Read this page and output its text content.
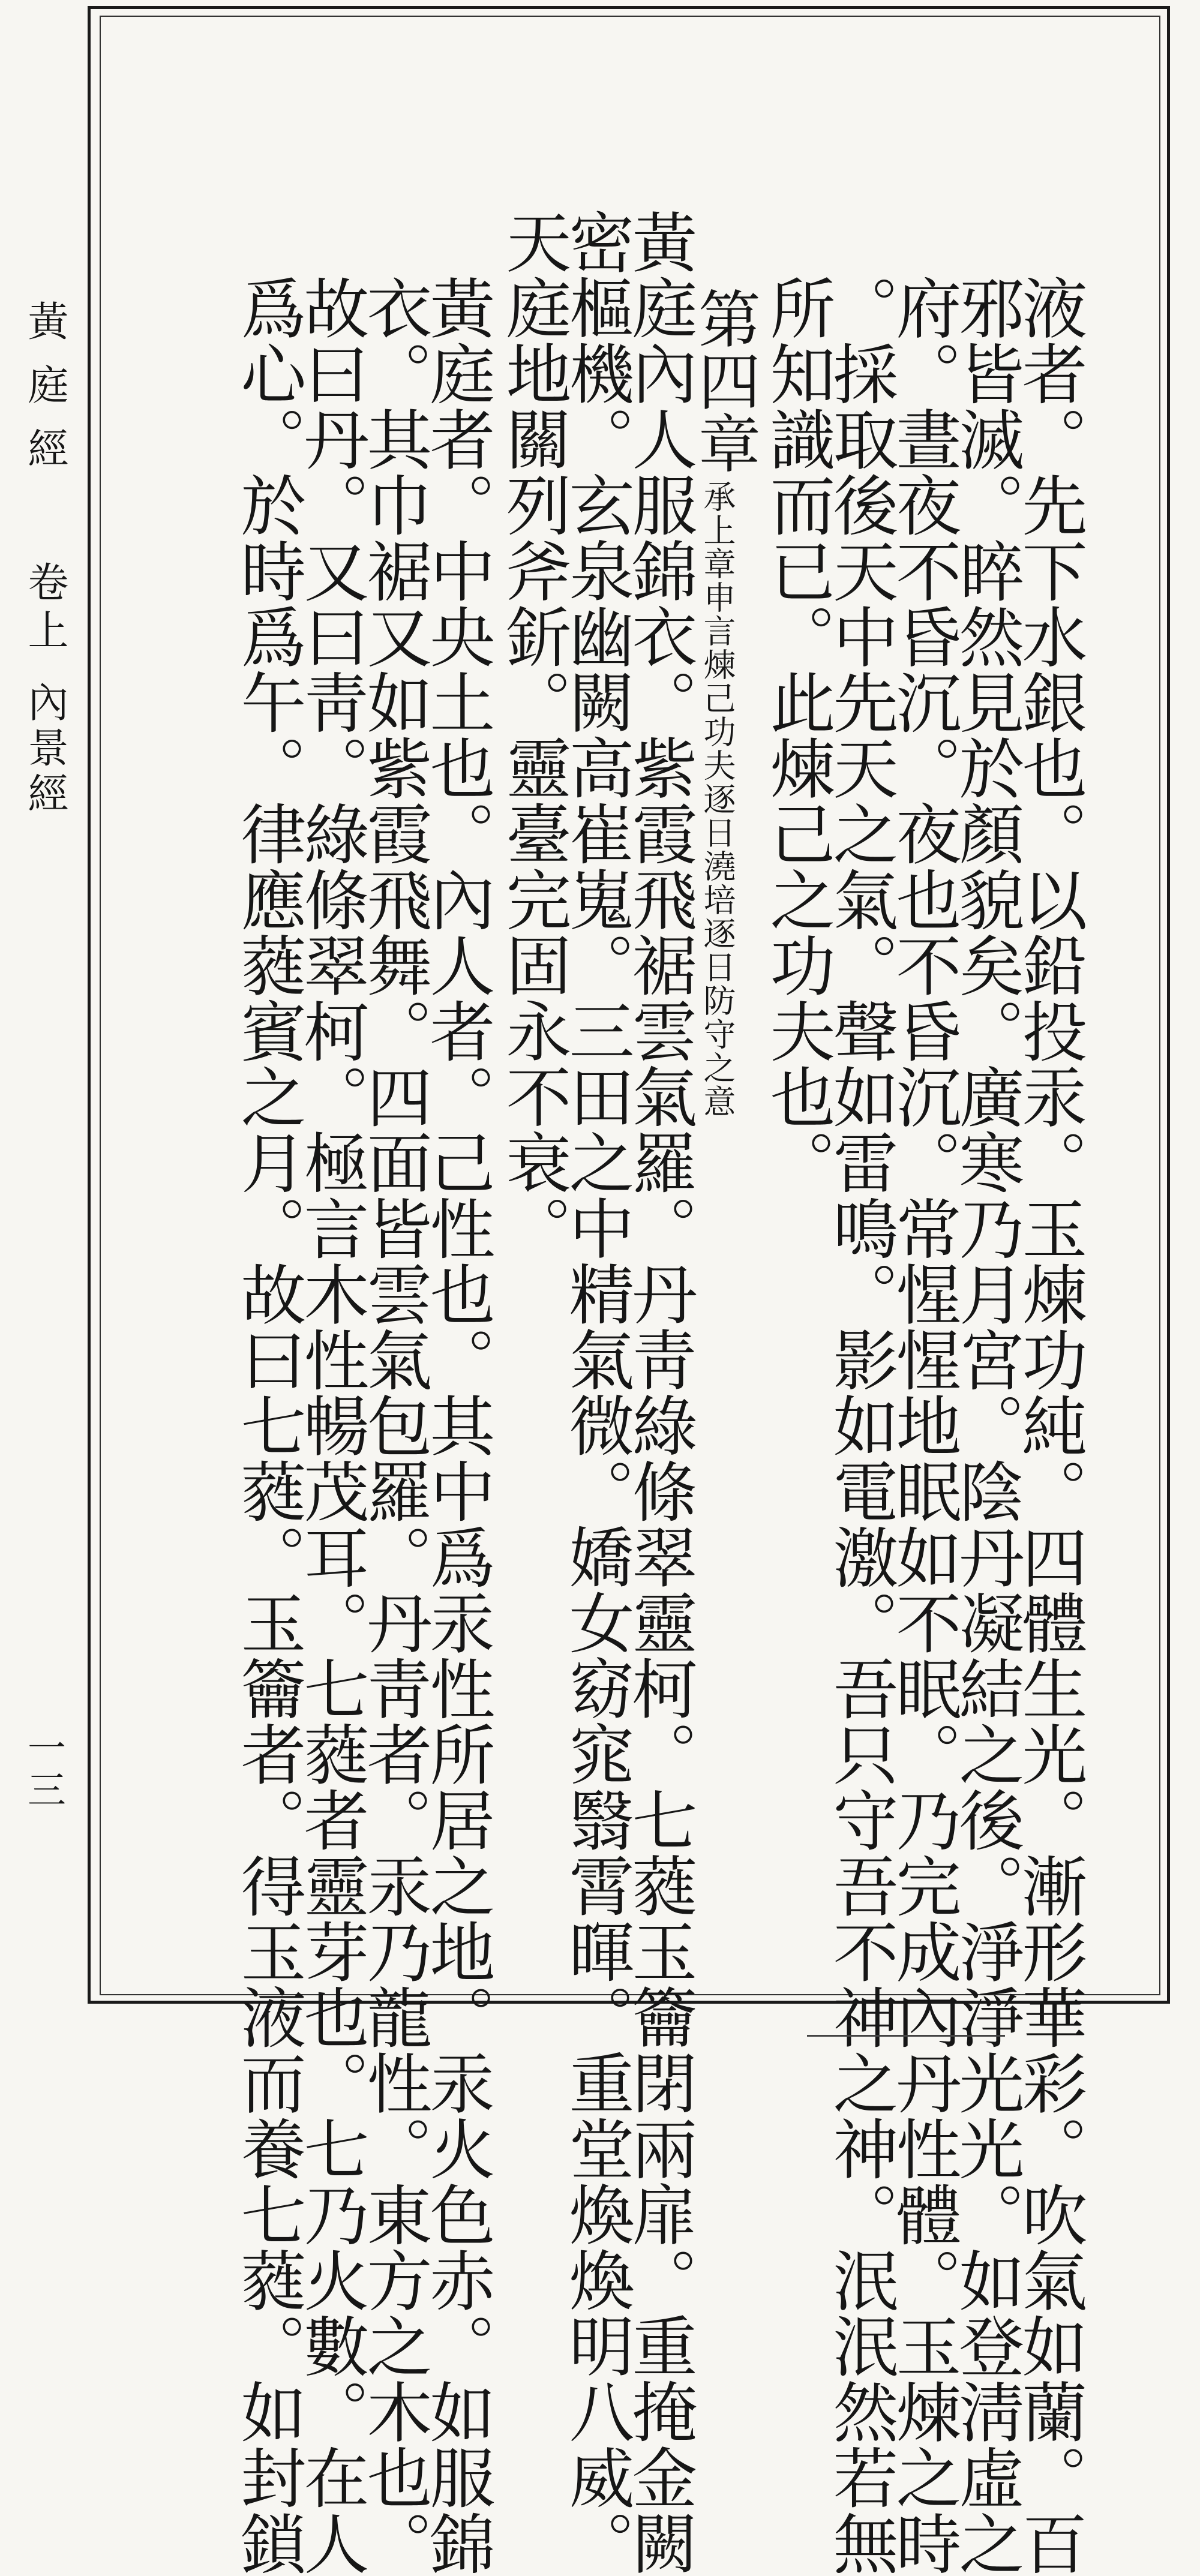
黃庭經
卷上
內景經
一三	液者。先下水銀也。以鉛投汞。玉煉功純。四體生光。漸形華彩。吹氣如蘭。百

邪皆滅。睟然見於顏貌矣。廣寒乃月宮。陰丹凝結之後。淨淨光光。如登淸虛之

府。晝夜不昏沉。夜也不昏沉。常惺惺地眠如不眠。乃完成內丹性體。玉煉之時

。採取後天中先天之氣。聲如雷鳴。影如電激。吾只守吾不神之神。泯泯然若無

所知識而已。此煉己之功夫也。

第四章

承上章申言煉己功夫逐日澆培逐日防守之意

黃庭內人服錦衣。紫霞飛裾雲氣羅。丹靑綠條翠靈柯。七蕤玉籥閉兩扉。重掩金闕

密樞機。玄泉幽闕高崔嵬。三田之中精氣微。嬌女窈窕翳霄暉。重堂煥煥明八威。

天庭地關列斧釿。靈臺完固永不衰。

黃庭者。中央土也。內人者。己性也。其中爲汞性所居之地。汞火色赤。如服錦

衣。其巾裾又如紫霞飛舞。四面皆雲氣包羅。丹靑者。汞乃龍性。東方之木也。

故曰丹。又曰靑。綠條翠柯。極言木性暢茂耳。七蕤者靈芽也。七乃火數。在人

爲心。於時爲午。律應蕤賓之月。故曰七蕤。玉籥者。得玉液而養七蕤。如封鎖
